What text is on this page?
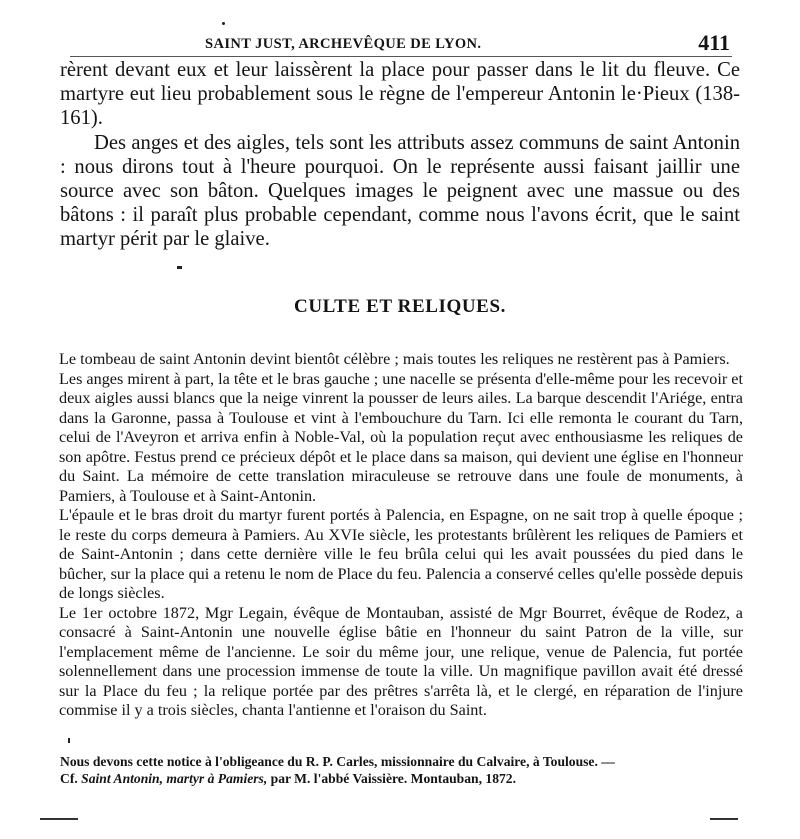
SAINT JUST, ARCHEVÊQUE DE LYON.	411

rèrent devant eux et leur laissèrent la place pour passer dans le lit du fleuve. Ce martyre eut lieu probablement sous le règne de l'empereur Antonin le·Pieux (138-161).

Des anges et des aigles, tels sont les attributs assez communs de saint Antonin : nous dirons tout à l'heure pourquoi. On le représente aussi faisant jaillir une source avec son bâton. Quelques images le peignent avec une massue ou des bâtons : il paraît plus probable cependant, comme nous l'avons écrit, que le saint martyr périt par le glaive.

CULTE ET RELIQUES.

Le tombeau de saint Antonin devint bientôt célèbre ; mais toutes les reliques ne restèrent pas à Pamiers.

Les anges mirent à part, la tête et le bras gauche ; une nacelle se présenta d'elle-même pour les recevoir et deux aigles aussi blancs que la neige vinrent la pousser de leurs ailes. La barque descendit l'Ariége, entra dans la Garonne, passa à Toulouse et vint à l'embouchure du Tarn. Ici elle remonta le courant du Tarn, celui de l'Aveyron et arriva enfin à Noble-Val, où la population reçut avec enthousiasme les reliques de son apôtre. Festus prend ce précieux dépôt et le place dans sa maison, qui devient une église en l'honneur du Saint. La mémoire de cette translation miraculeuse se retrouve dans une foule de monuments, à Pamiers, à Toulouse et à Saint-Antonin.

L'épaule et le bras droit du martyr furent portés à Palencia, en Espagne, on ne sait trop à quelle époque ; le reste du corps demeura à Pamiers. Au XVIe siècle, les protestants brûlèrent les reliques de Pamiers et de Saint-Antonin ; dans cette dernière ville le feu brûla celui qui les avait poussées du pied dans le bûcher, sur la place qui a retenu le nom de Place du feu. Palencia a conservé celles qu'elle possède depuis de longs siècles.

Le 1er octobre 1872, Mgr Legain, évêque de Montauban, assisté de Mgr Bourret, évêque de Rodez, a consacré à Saint-Antonin une nouvelle église bâtie en l'honneur du saint Patron de la ville, sur l'emplacement même de l'ancienne. Le soir du même jour, une relique, venue de Palencia, fut portée solennellement dans une procession immense de toute la ville. Un magnifique pavillon avait été dressé sur la Place du feu ; la relique portée par des prêtres s'arrêta là, et le clergé, en réparation de l'injure commise il y a trois siècles, chanta l'antienne et l'oraison du Saint.

Nous devons cette notice à l'obligeance du R. P. Carles, missionnaire du Calvaire, à Toulouse. —

Cf. Saint Antonin, martyr à Pamiers, par M. l'abbé Vaissière. Montauban, 1872.
